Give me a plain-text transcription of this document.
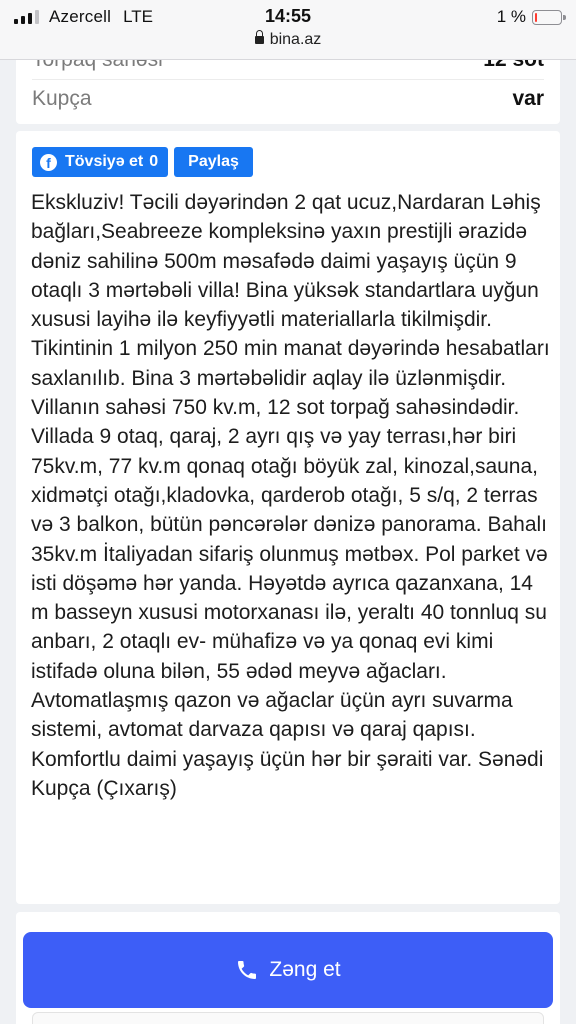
Azercell LTE	14:55	1 %
bina.az
Kupça	var
f Tövsiyə et 0 Paylaş
Ekskluziv! Təcili dəyərindən 2 qat ucuz,Nardaran Ləhiş bağları,Seabreeze kompleksinə yaxın prestijli ərazidə dəniz sahilinə 500m məsafədə daimi yaşayış üçün 9 otaqlı 3 mərtəbəli villa! Bina yüksək standartlara uyğun xususi layihə ilə keyfiyyətli materiallarla tikilmişdir. Tikintinin 1 milyon 250 min manat dəyərində hesabatları saxlanılıb. Bina 3 mərtəbəlidir aqlay ilə üzlənmişdir. Villanın sahəsi 750 kv.m, 12 sot torpağ sahəsindədir. Villada 9 otaq, qaraj, 2 ayrı qış və yay terrası,hər biri 75kv.m, 77 kv.m qonaq otağı böyük zal, kinozal,sauna, xidmətçi otağı,kladovka, qarderob otağı, 5 s/q, 2 terras və 3 balkon, bütün pəncərələr dənizə panorama. Bahalı 35kv.m İtaliyadan sifariş olunmuş mətbəx. Pol parket və isti döşəmə hər yanda. Həyətdə ayrıca qazanxana, 14 m basseyn xususi motorxanası ilə, yeraltı 40 tonnluq su anbarı, 2 otaqlı ev- mühafizə və ya qonaq evi kimi istifadə oluna bilən, 55 ədəd meyvə ağacları. Avtomatlaşmış qazon və ağaclar üçün ayrı suvarma sistemi, avtomat darvaza qapısı və qaraj qapısı. Komfortlu daimi yaşayış üçün hər bir şəraiti var. Sənədi Kupça (Çıxarış)
Zəng et
